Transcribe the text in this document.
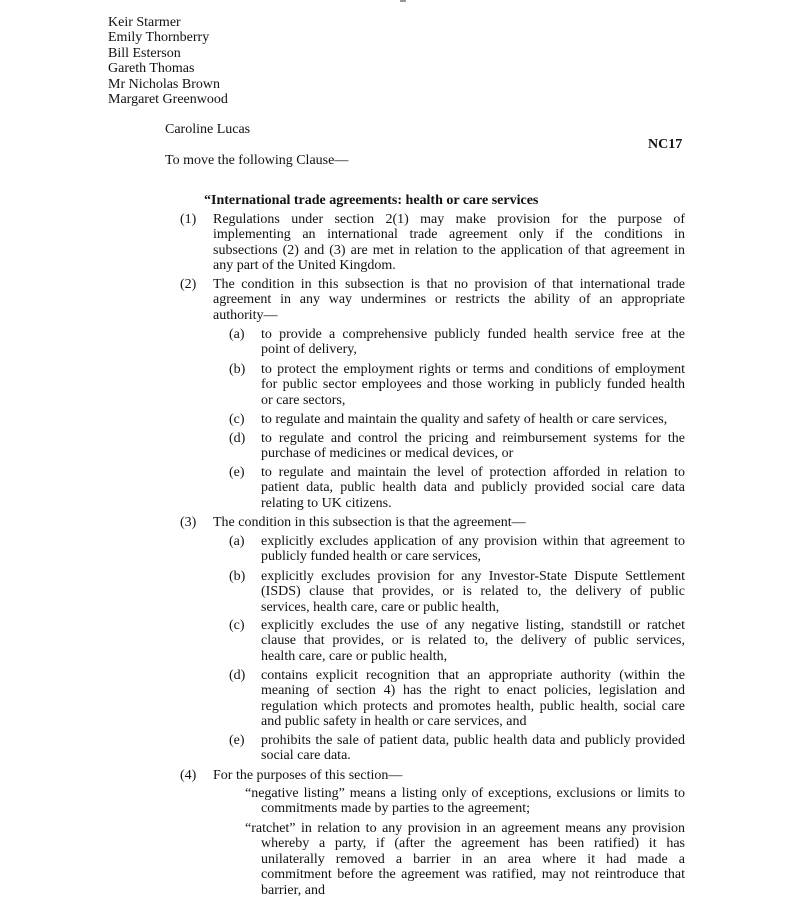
Keir Starmer
Emily Thornberry
Bill Esterson
Gareth Thomas
Mr Nicholas Brown
Margaret Greenwood
Caroline Lucas
NC17
To move the following Clause—
“International trade agreements: health or care services
(1) Regulations under section 2(1) may make provision for the purpose of
implementing an international trade agreement only if the conditions in
subsections (2) and (3) are met in relation to the application of that agreement in
any part of the United Kingdom.
(2) The condition in this subsection is that no provision of that international trade
agreement in any way undermines or restricts the ability of an appropriate
authority—
(a) to provide a comprehensive publicly funded health service free at the
point of delivery,
(b) to protect the employment rights or terms and conditions of employment
for public sector employees and those working in publicly funded health
or care sectors,
(c) to regulate and maintain the quality and safety of health or care services,
(d) to regulate and control the pricing and reimbursement systems for the
purchase of medicines or medical devices, or
(e) to regulate and maintain the level of protection afforded in relation to
patient data, public health data and publicly provided social care data
relating to UK citizens.
(3) The condition in this subsection is that the agreement—
(a) explicitly excludes application of any provision within that agreement to
publicly funded health or care services,
(b) explicitly excludes provision for any Investor-State Dispute Settlement
(ISDS) clause that provides, or is related to, the delivery of public
services, health care, care or public health,
(c) explicitly excludes the use of any negative listing, standstill or ratchet
clause that provides, or is related to, the delivery of public services,
health care, care or public health,
(d) contains explicit recognition that an appropriate authority (within the
meaning of section 4) has the right to enact policies, legislation and
regulation which protects and promotes health, public health, social care
and public safety in health or care services, and
(e) prohibits the sale of patient data, public health data and publicly provided
social care data.
(4) For the purposes of this section—
“negative listing” means a listing only of exceptions, exclusions or limits to
commitments made by parties to the agreement;
“ratchet” in relation to any provision in an agreement means any provision
whereby a party, if (after the agreement has been ratified) it has
unilaterally removed a barrier in an area where it had made a
commitment before the agreement was ratified, may not reintroduce that
barrier, and
